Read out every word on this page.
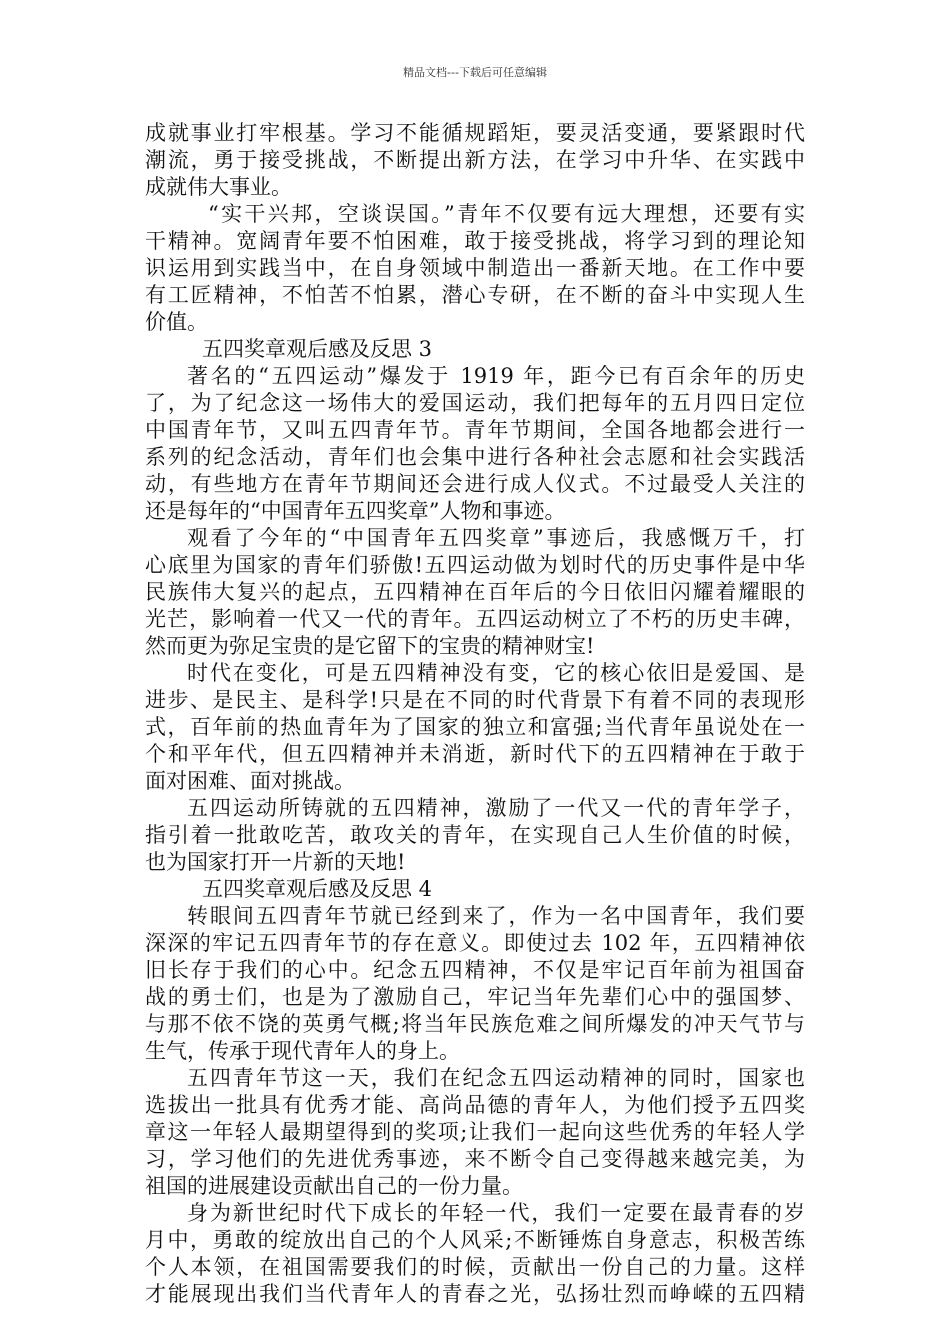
精品文档---下载后可任意编辑
成就事业打牢根基。学习不能循规蹈矩，要灵活变通，要紧跟时代
潮流，勇于接受挑战，不断提出新方法，在学习中升华、在实践中
成就伟大事业。
“实干兴邦，空谈误国。”青年不仅要有远大理想，还要有实
干精神。宽阔青年要不怕困难，敢于接受挑战，将学习到的理论知
识运用到实践当中，在自身领域中制造出一番新天地。在工作中要
有工匠精神，不怕苦不怕累，潜心专研，在不断的奋斗中实现人生
价值。
五四奖章观后感及反思 3
著名的“五四运动”爆发于 1919 年，距今已有百余年的历史
了，为了纪念这一场伟大的爱国运动，我们把每年的五月四日定位
中国青年节，又叫五四青年节。青年节期间，全国各地都会进行一
系列的纪念活动，青年们也会集中进行各种社会志愿和社会实践活
动，有些地方在青年节期间还会进行成人仪式。不过最受人关注的
还是每年的“中国青年五四奖章”人物和事迹。
观看了今年的“中国青年五四奖章”事迹后，我感慨万千，打
心底里为国家的青年们骄傲!五四运动做为划时代的历史事件是中华
民族伟大复兴的起点，五四精神在百年后的今日依旧闪耀着耀眼的
光芒，影响着一代又一代的青年。五四运动树立了不朽的历史丰碑，
然而更为弥足宝贵的是它留下的宝贵的精神财宝!
时代在变化，可是五四精神没有变，它的核心依旧是爱国、是
进步、是民主、是科学!只是在不同的时代背景下有着不同的表现形
式，百年前的热血青年为了国家的独立和富强;当代青年虽说处在一
个和平年代，但五四精神并未消逝，新时代下的五四精神在于敢于
面对困难、面对挑战。
五四运动所铸就的五四精神，激励了一代又一代的青年学子，
指引着一批敢吃苦，敢攻关的青年，在实现自己人生价值的时候，
也为国家打开一片新的天地!
五四奖章观后感及反思 4
转眼间五四青年节就已经到来了，作为一名中国青年，我们要
深深的牢记五四青年节的存在意义。即使过去 102 年，五四精神依
旧长存于我们的心中。纪念五四精神，不仅是牢记百年前为祖国奋
战的勇士们，也是为了激励自己，牢记当年先辈们心中的强国梦、
与那不依不饶的英勇气概;将当年民族危难之间所爆发的冲天气节与
生气，传承于现代青年人的身上。
五四青年节这一天，我们在纪念五四运动精神的同时，国家也
选拔出一批具有优秀才能、高尚品德的青年人，为他们授予五四奖
章这一年轻人最期望得到的奖项;让我们一起向这些优秀的年轻人学
习，学习他们的先进优秀事迹，来不断令自己变得越来越完美，为
祖国的进展建设贡献出自己的一份力量。
身为新世纪时代下成长的年轻一代，我们一定要在最青春的岁
月中，勇敢的绽放出自己的个人风采;不断锤炼自身意志，积极苦练
个人本领，在祖国需要我们的时候，贡献出一份自己的力量。这样
才能展现出我们当代青年人的青春之光，弘扬壮烈而峥嵘的五四精
